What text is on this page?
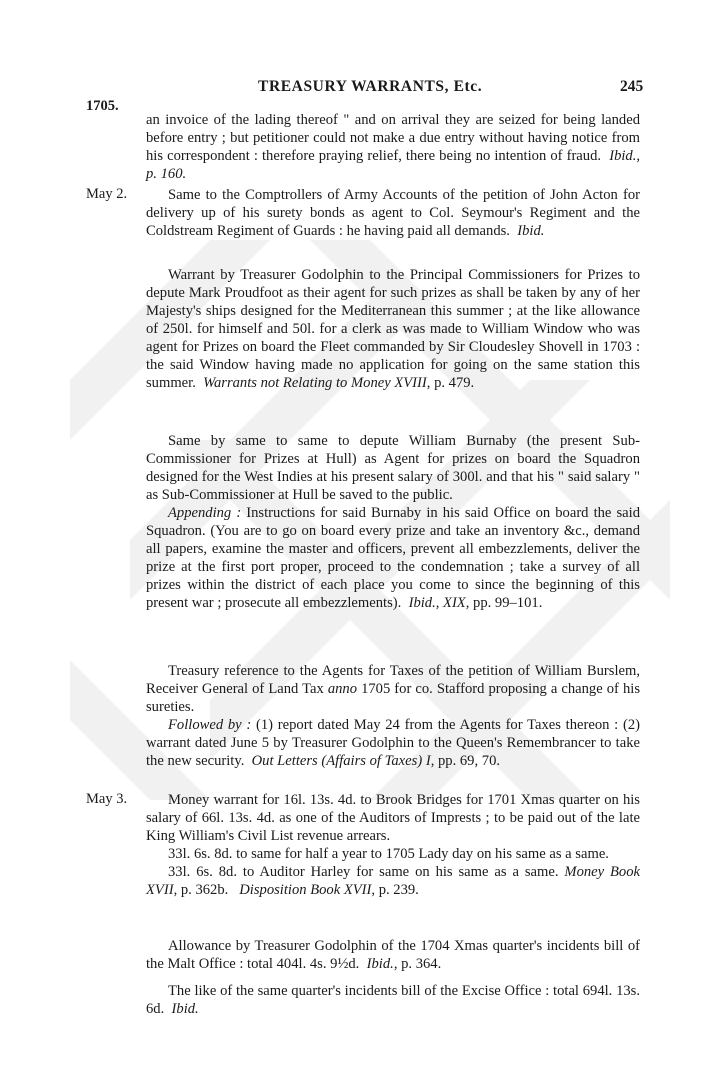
TREASURY WARRANTS, Etc.	245
1705.

an invoice of the lading thereof " and on arrival they are seized for being landed before entry ; but petitioner could not make a due entry without having notice from his correspondent : therefore praying relief, there being no intention of fraud. Ibid., p. 160.

May 2.	Same to the Comptrollers of Army Accounts of the petition of John Acton for delivery up of his surety bonds as agent to Col. Seymour's Regiment and the Coldstream Regiment of Guards : he having paid all demands. Ibid.

Warrant by Treasurer Godolphin to the Principal Commissioners for Prizes to depute Mark Proudfoot as their agent for such prizes as shall be taken by any of her Majesty's ships designed for the Mediterranean this summer ; at the like allowance of 250l. for himself and 50l. for a clerk as was made to William Window who was agent for Prizes on board the Fleet commanded by Sir Cloudesley Shovell in 1703 : the said Window having made no application for going on the same station this summer. Warrants not Relating to Money XVIII, p. 479.

Same by same to same to depute William Burnaby (the present Sub-Commissioner for Prizes at Hull) as Agent for prizes on board the Squadron designed for the West Indies at his present salary of 300l. and that his " said salary " as Sub-Commissioner at Hull be saved to the public.

Appending : Instructions for said Burnaby in his said Office on board the said Squadron. (You are to go on board every prize and take an inventory &c., demand all papers, examine the master and officers, prevent all embezzlements, deliver the prize at the first port proper, proceed to the condemnation ; take a survey of all prizes within the district of each place you come to since the beginning of this present war ; prosecute all embezzlements). Ibid., XIX, pp. 99–101.

Treasury reference to the Agents for Taxes of the petition of William Burslem, Receiver General of Land Tax anno 1705 for co. Stafford proposing a change of his sureties.

Followed by : (1) report dated May 24 from the Agents for Taxes thereon : (2) warrant dated June 5 by Treasurer Godolphin to the Queen's Remembrancer to take the new security. Out Letters (Affairs of Taxes) I, pp. 69, 70.

May 3.	Money warrant for 16l. 13s. 4d. to Brook Bridges for 1701 Xmas quarter on his salary of 66l. 13s. 4d. as one of the Auditors of Imprests ; to be paid out of the late King William's Civil List revenue arrears.

33l. 6s. 8d. to same for half a year to 1705 Lady day on his same as a same.

33l. 6s. 8d. to Auditor Harley for same on his same as a same. Money Book XVII, p. 362b. Disposition Book XVII, p. 239.

Allowance by Treasurer Godolphin of the 1704 Xmas quarter's incidents bill of the Malt Office : total 404l. 4s. 9½d. Ibid., p. 364.

The like of the same quarter's incidents bill of the Excise Office : total 694l. 13s. 6d. Ibid.
